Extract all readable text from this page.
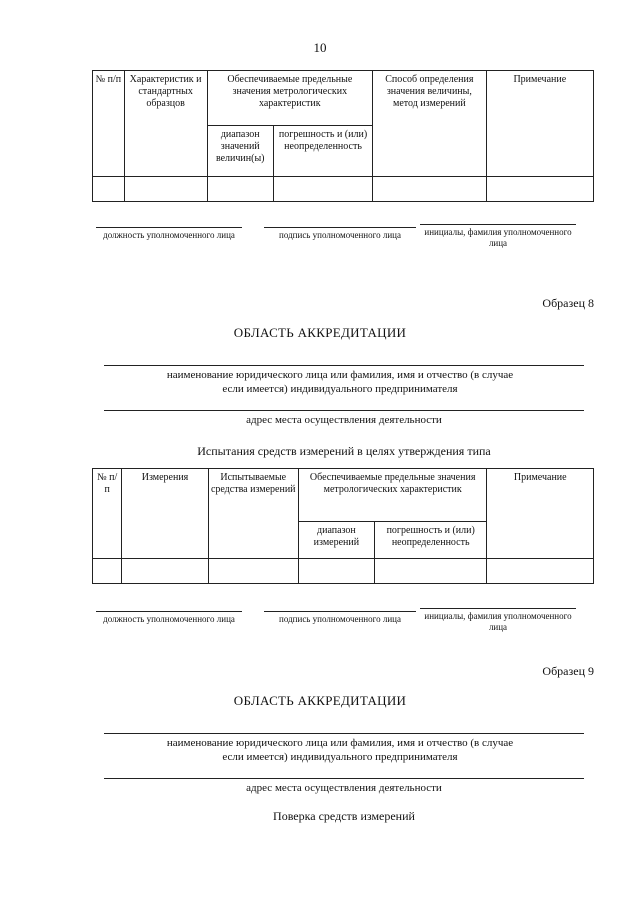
10
№ п/п	Характеристик и стандартных образцов	Обеспечиваемые предельные значения метрологических характеристик		Способ определения значения величины, метод измерений	Примечание
		диапазон значений величин(ы)	погрешность и (или) неопределенность		

должность уполномоченного лица	подпись уполномоченного лица	инициалы, фамилия уполномоченного лица
Образец 8
ОБЛАСТЬ АККРЕДИТАЦИИ
наименование юридического лица или фамилия, имя и отчество (в случае если имеется) индивидуального предпринимателя
адрес места осуществления деятельности
Испытания средств измерений в целях утверждения типа
№ п/п	Измерения	Испытываемые средства измерений	Обеспечиваемые предельные значения метрологических характеристик		Примечание
			диапазон измерений	погрешность и (или) неопределенность	

должность уполномоченного лица	подпись уполномоченного лица	инициалы, фамилия уполномоченного лица
Образец 9
ОБЛАСТЬ АККРЕДИТАЦИИ
наименование юридического лица или фамилия, имя и отчество (в случае если имеется) индивидуального предпринимателя
адрес места осуществления деятельности
Поверка средств измерений
